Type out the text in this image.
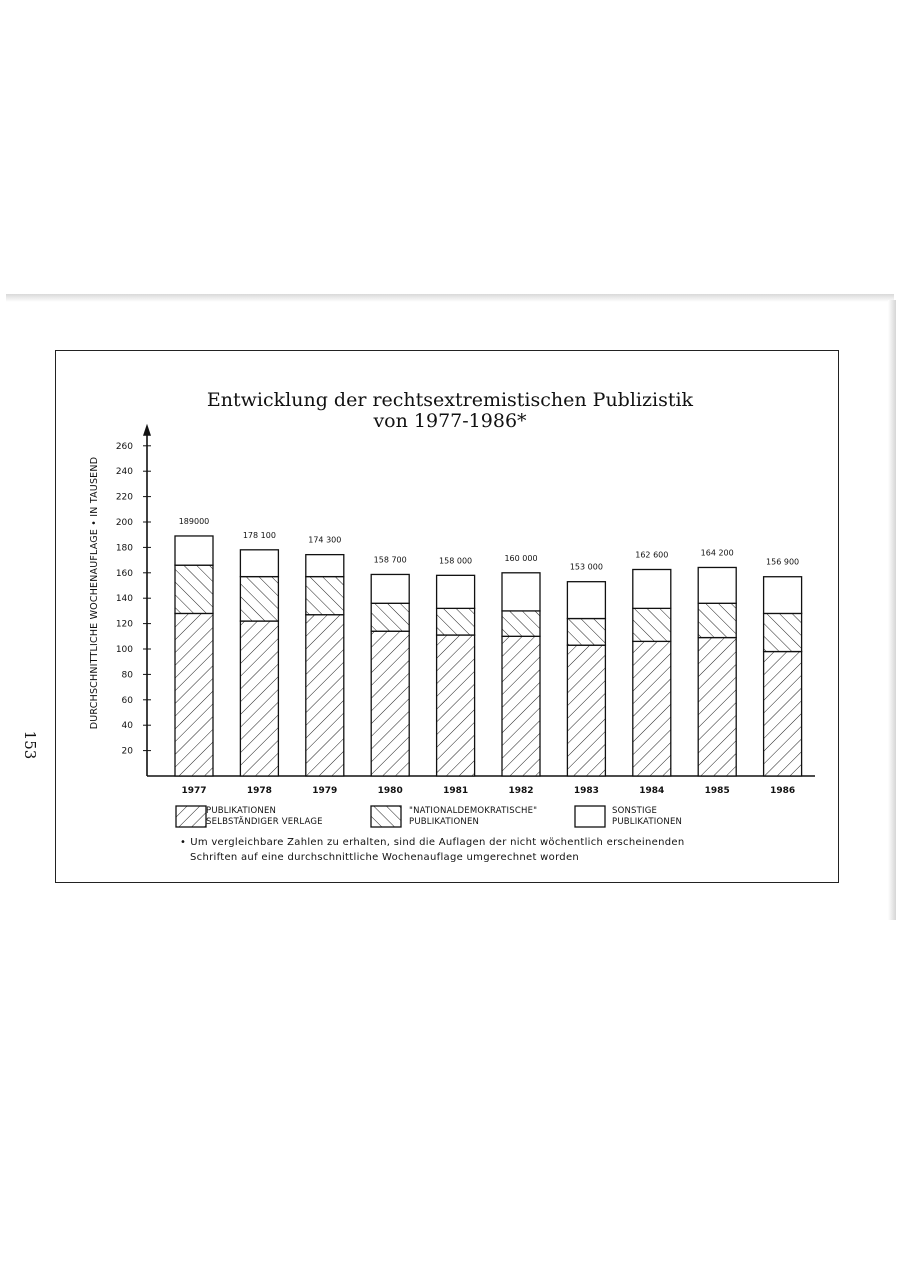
153	20
40
60
80
100
120
140
160
180
200
220
240
260
189000
1977
178 100
1978
174 300
1979
158 700
1980
158 000
1981
160 000
1982
153 000
1983
162 600
1984
164 200
1985
156 900
1986
Entwicklung der rechtsextremistischen Publizistik
von 1977-1986*
DURCHSCHNITTLICHE WOCHENAUFLAGE • IN TAUSEND
PUBLIKATIONEN
SELBSTÄNDIGER VERLAGE
"NATIONALDEMOKRATISCHE"
PUBLIKATIONEN
SONSTIGE
PUBLIKATIONEN
• Um vergleichbare Zahlen zu erhalten, sind die Auflagen der nicht wöchentlich erscheinenden
Schriften auf eine durchschnittliche Wochenauflage umgerechnet worden
